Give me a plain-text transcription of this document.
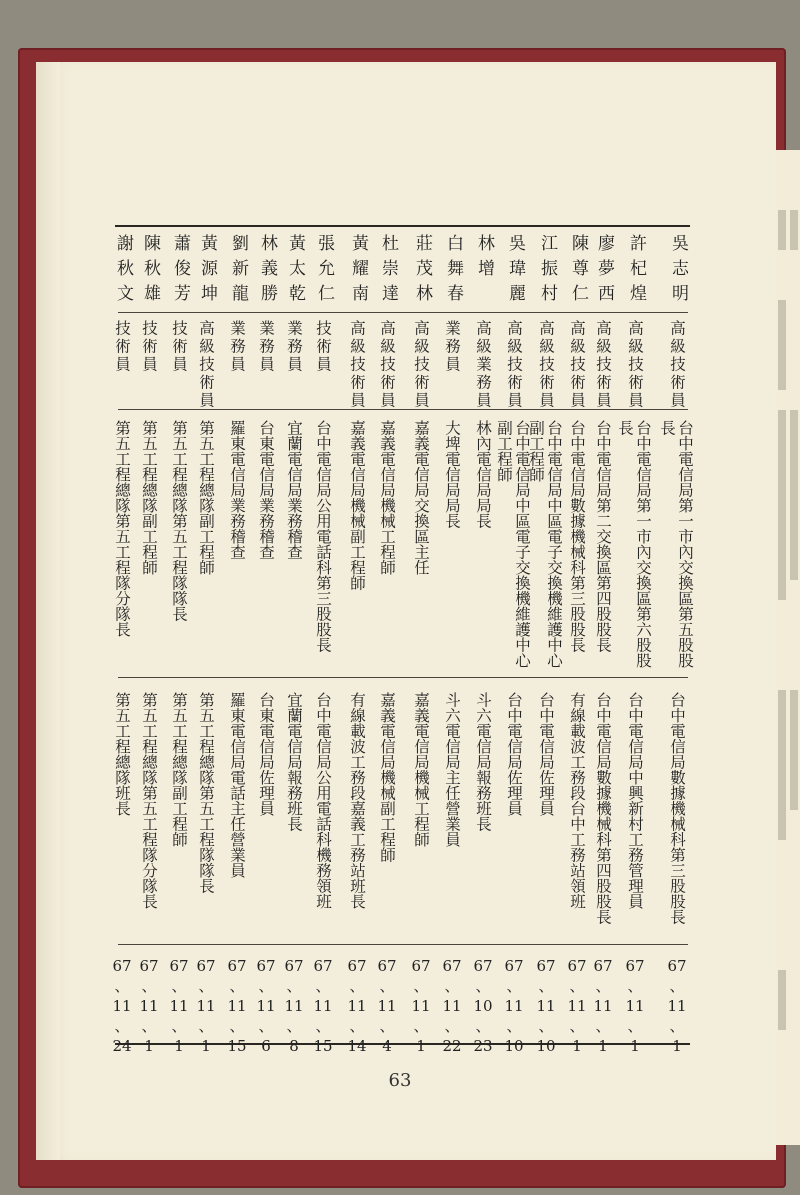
吳志明
高級技術員
台中電信局第一市內交換區第五股股長
台中電信局數據機械科第三股股長
67
、
11
、
1
許杞煌
高級技術員
台中電信局第一市內交換區第六股股長
台中電信局中興新村工務管理員
67
、
11
、
1
廖夢西
高級技術員
台中電信局第二交換區第四股股長
台中電信局數據機械科第四股股長
67
、
11
、
1
陳尊仁
高級技術員
台中電信局數據機械科第三股股長
有線載波工務段台中工務站領班
67
、
11
、
1
江振村
高級技術員
台中電信局中區電子交換機維護中心副工程師
台中電信局佐理員
67
、
11
、
10
吳瑋麗
高級技術員
台中電信局中區電子交換機維護中心副工程師
台中電信局佐理員
67
、
11
、
10
林增
高級業務員
林內電信局局長
斗六電信局報務班長
67
、
10
、
23
白舞春
業務員
大埤電信局局長
斗六電信局主任營業員
67
、
11
、
22
莊茂林
高級技術員
嘉義電信局交換區主任
嘉義電信局機械工程師
67
、
11
、
1
杜崇達
高級技術員
嘉義電信局機械工程師
嘉義電信局機械副工程師
67
、
11
、
4
黃耀南
高級技術員
嘉義電信局機械副工程師
有線載波工務段嘉義工務站班長
67
、
11
、
14
張允仁
技術員
台中電信局公用電話科第三股股長
台中電信局公用電話科機務領班
67
、
11
、
15
黃太乾
業務員
宜蘭電信局業務稽查
宜蘭電信局報務班長
67
、
11
、
8
林義勝
業務員
台東電信局業務稽查
台東電信局佐理員
67
、
11
、
6
劉新龍
業務員
羅東電信局業務稽查
羅東電信局電話主任營業員
67
、
11
、
15
黃源坤
高級技術員
第五工程總隊副工程師
第五工程總隊第五工程隊隊長
67
、
11
、
1
蕭俊芳
技術員
第五工程總隊第五工程隊隊長
第五工程總隊副工程師
67
、
11
、
1
陳秋雄
技術員
第五工程總隊副工程師
第五工程總隊第五工程隊分隊長
67
、
11
、
1
謝秋文
技術員
第五工程總隊第五工程隊分隊長
第五工程總隊班長
67
、
11
、
24
63
